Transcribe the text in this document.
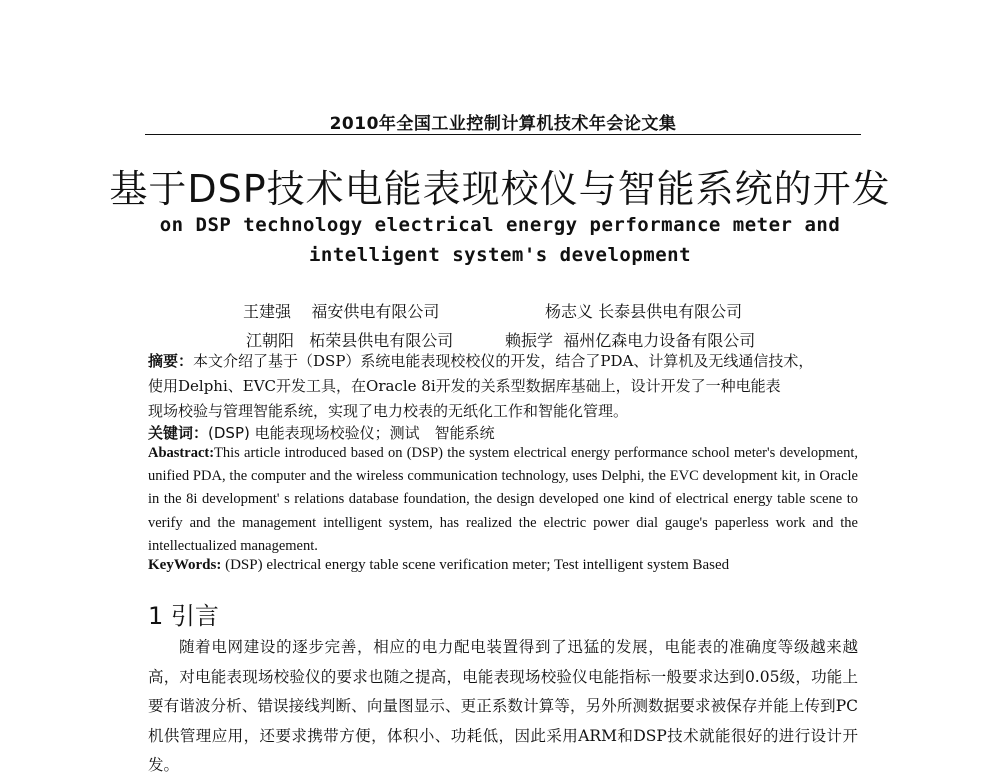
2010年全国工业控制计算机技术年会论文集
基于DSP技术电能表现校仪与智能系统的开发
on DSP technology electrical energy performance meter and
intelligent system's development
王建强 福安供电有限公司	杨志义 长泰县供电有限公司
江朝阳 柘荣县供电有限公司	赖振学 福州亿森电力设备有限公司
摘要：本文介绍了基于（DSP）系统电能表现校校仪的开发，结合了PDA、计算机及无线通信技术，
使用Delphi、EVC开发工具，在Oracle 8i开发的关系型数据库基础上，设计开发了一种电能表
现场校验与管理智能系统，实现了电力校表的无纸化工作和智能化管理。
关键词：(DSP) 电能表现场校验仪；测试　智能系统
Abastract:This article introduced based on (DSP) the system electrical energy performance school meter's development, unified PDA, the computer and the wireless communication technology, uses Delphi, the EVC development kit, in Oracle in the 8i development' s relations database foundation, the design developed one kind of electrical energy table scene to verify and the management intelligent system, has realized the electric power dial gauge's paperless work and the intellectualized management.
KeyWords: (DSP) electrical energy table scene verification meter; Test intelligent system Based
1 引言

随着电网建设的逐步完善，相应的电力配电装置得到了迅猛的发展，电能表的准确度等级越来越高，对电能表现场校验仪的要求也随之提高，电能表现场校验仪电能指标一般要求达到0.05级，功能上要有谐波分析、错误接线判断、向量图显示、更正系数计算等，另外所测数据要求被保存并能上传到PC机供管理应用，还要求携带方便，体积小、功耗低，因此采用ARM和DSP技术就能很好的进行设计开发。
